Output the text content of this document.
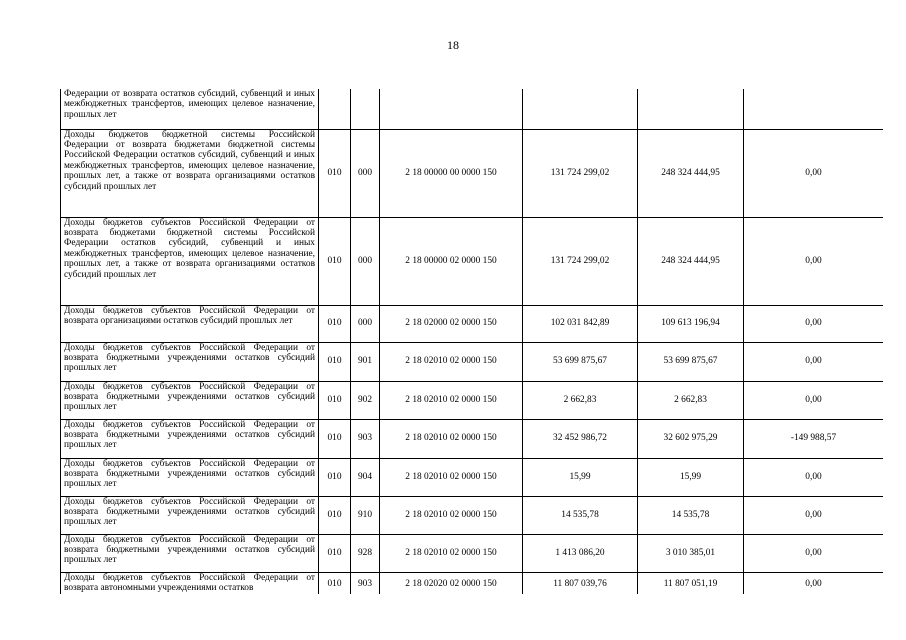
18
Федерации от возврата остатков субсидий, субвенций и иных межбюджетных трансфертов, имеющих целевое назначение, прошлых лет						
Доходы бюджетов бюджетной системы Российской Федерации от возврата бюджетами бюджетной системы Российской Федерации остатков субсидий, субвенций и иных межбюджетных трансфертов, имеющих целевое назначение, прошлых лет, а также от возврата организациями остатков субсидий прошлых лет	010	000	2 18 00000 00 0000 150	131 724 299,02	248 324 444,95	0,00
Доходы бюджетов субъектов Российской Федерации от возврата бюджетами бюджетной системы Российской Федерации остатков субсидий, субвенций и иных межбюджетных трансфертов, имеющих целевое назначение, прошлых лет, а также от возврата организациями остатков субсидий прошлых лет	010	000	2 18 00000 02 0000 150	131 724 299,02	248 324 444,95	0,00
Доходы бюджетов субъектов Российской Федерации от возврата организациями остатков субсидий прошлых лет	010	000	2 18 02000 02 0000 150	102 031 842,89	109 613 196,94	0,00
Доходы бюджетов субъектов Российской Федерации от возврата бюджетными учреждениями остатков субсидий прошлых лет	010	901	2 18 02010 02 0000 150	53 699 875,67	53 699 875,67	0,00
Доходы бюджетов субъектов Российской Федерации от возврата бюджетными учреждениями остатков субсидий прошлых лет	010	902	2 18 02010 02 0000 150	2 662,83	2 662,83	0,00
Доходы бюджетов субъектов Российской Федерации от возврата бюджетными учреждениями остатков субсидий прошлых лет	010	903	2 18 02010 02 0000 150	32 452 986,72	32 602 975,29	-149 988,57
Доходы бюджетов субъектов Российской Федерации от возврата бюджетными учреждениями остатков субсидий прошлых лет	010	904	2 18 02010 02 0000 150	15,99	15,99	0,00
Доходы бюджетов субъектов Российской Федерации от возврата бюджетными учреждениями остатков субсидий прошлых лет	010	910	2 18 02010 02 0000 150	14 535,78	14 535,78	0,00
Доходы бюджетов субъектов Российской Федерации от возврата бюджетными учреждениями остатков субсидий прошлых лет	010	928	2 18 02010 02 0000 150	1 413 086,20	3 010 385,01	0,00
Доходы бюджетов субъектов Российской Федерации от возврата автономными учреждениями остатков	010	903	2 18 02020 02 0000 150	11 807 039,76	11 807 051,19	0,00
